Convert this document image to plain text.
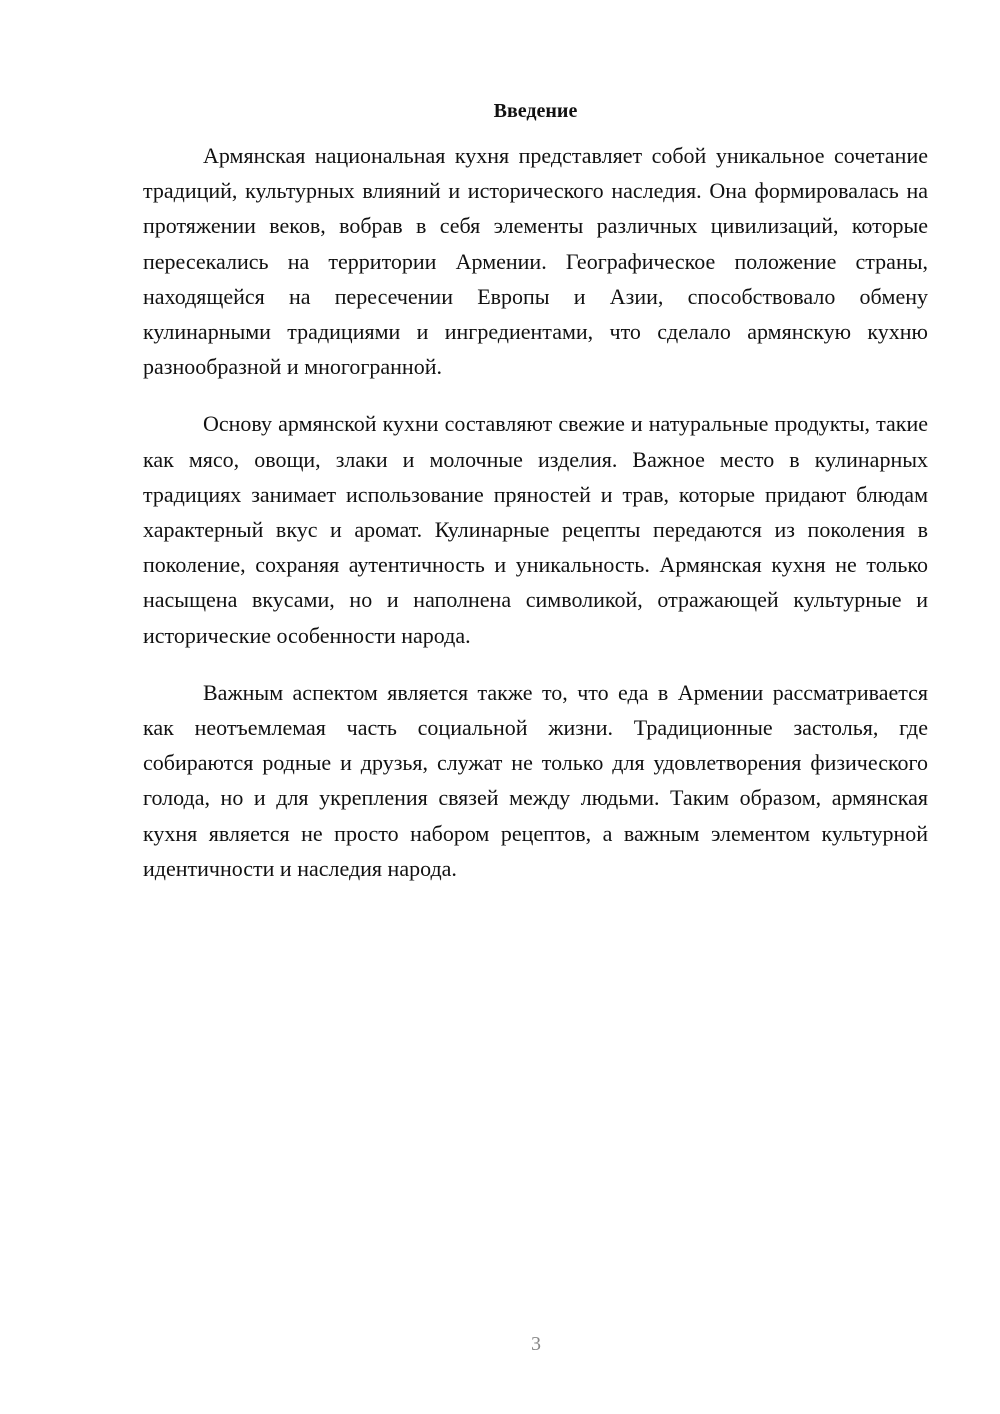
Введение

Армянская национальная кухня представляет собой уникальное сочетание традиций, культурных влияний и исторического наследия. Она формировалась на протяжении веков, вобрав в себя элементы различных цивилизаций, которые пересекались на территории Армении. Географическое положение страны, находящейся на пересечении Европы и Азии, способствовало обмену кулинарными традициями и ингредиентами, что сделало армянскую кухню разнообразной и многогранной.

Основу армянской кухни составляют свежие и натуральные продукты, такие как мясо, овощи, злаки и молочные изделия. Важное место в кулинарных традициях занимает использование пряностей и трав, которые придают блюдам характерный вкус и аромат. Кулинарные рецепты передаются из поколения в поколение, сохраняя аутентичность и уникальность. Армянская кухня не только насыщена вкусами, но и наполнена символикой, отражающей культурные и исторические особенности народа.

Важным аспектом является также то, что еда в Армении рассматривается как неотъемлемая часть социальной жизни. Традиционные застолья, где собираются родные и друзья, служат не только для удовлетворения физического голода, но и для укрепления связей между людьми. Таким образом, армянская кухня является не просто набором рецептов, а важным элементом культурной идентичности и наследия народа.

3
